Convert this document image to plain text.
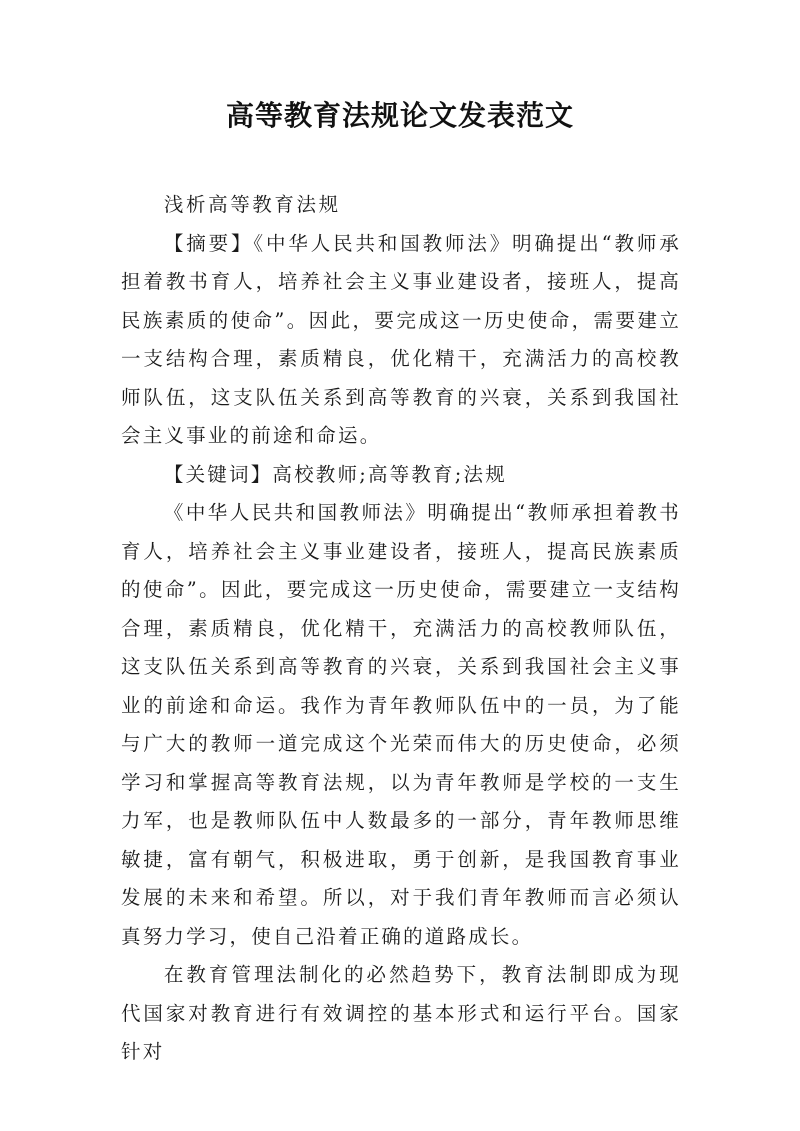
高等教育法规论文发表范文

浅析高等教育法规

【摘要】《中华人民共和国教师法》明确提出“教师承担着教书育人，培养社会主义事业建设者，接班人，提高民族素质的使命”。因此，要完成这一历史使命，需要建立一支结构合理，素质精良，优化精干，充满活力的高校教师队伍，这支队伍关系到高等教育的兴衰，关系到我国社会主义事业的前途和命运。

【关键词】高校教师;高等教育;法规

《中华人民共和国教师法》明确提出“教师承担着教书育人，培养社会主义事业建设者，接班人，提高民族素质的使命”。因此，要完成这一历史使命，需要建立一支结构合理，素质精良，优化精干，充满活力的高校教师队伍，这支队伍关系到高等教育的兴衰，关系到我国社会主义事业的前途和命运。我作为青年教师队伍中的一员，为了能与广大的教师一道完成这个光荣而伟大的历史使命，必须学习和掌握高等教育法规，以为青年教师是学校的一支生力军，也是教师队伍中人数最多的一部分，青年教师思维敏捷，富有朝气，积极进取，勇于创新，是我国教育事业发展的未来和希望。所以，对于我们青年教师而言必须认真努力学习，使自己沿着正确的道路成长。

在教育管理法制化的必然趋势下，教育法制即成为现代国家对教育进行有效调控的基本形式和运行平台。国家针对
